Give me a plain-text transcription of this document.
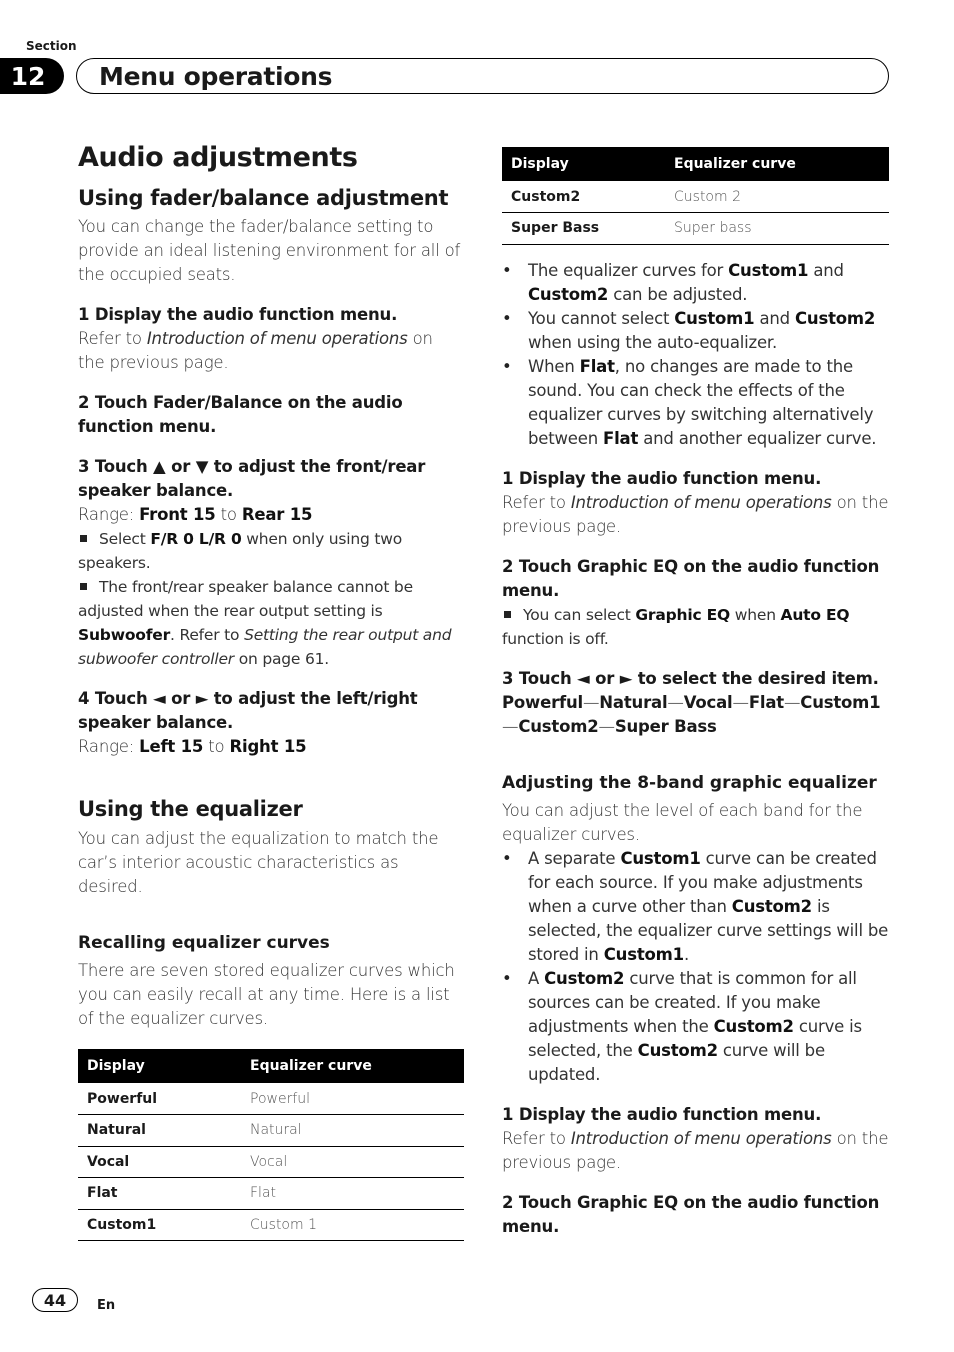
Section
12	Menu operations
Audio adjustments
Using fader/balance adjustment

You can change the fader/balance setting to provide an ideal listening environment for all of the occupied seats.

1 Display the audio function menu.

Refer to Introduction of menu operations on the previous page.

2 Touch Fader/Balance on the audio function menu.

3 Touch ▲ or ▼ to adjust the front/rear speaker balance.

Range: Front 15 to Rear 15

Select F/R 0 L/R 0 when only using two speakers.

The front/rear speaker balance cannot be adjusted when the rear output setting is Subwoofer. Refer to Setting the rear output and subwoofer controller on page 61.

4 Touch ◄ or ► to adjust the left/right speaker balance.

Range: Left 15 to Right 15

Using the equalizer

You can adjust the equalization to match the car’s interior acoustic characteristics as desired.

Recalling equalizer curves

There are seven stored equalizer curves which you can easily recall at any time. Here is a list of the equalizer curves.

Display	Equalizer curve
Powerful	Powerful
Natural	Natural
Vocal	Vocal
Flat	Flat
Custom1	Custom 1
Display	Equalizer curve
Custom2	Custom 2
Super Bass	Super bass
• The equalizer curves for Custom1 and Custom2 can be adjusted.
• You cannot select Custom1 and Custom2 when using the auto-equalizer.
• When Flat, no changes are made to the sound. You can check the effects of the equalizer curves by switching alternatively between Flat and another equalizer curve.

1 Display the audio function menu.

Refer to Introduction of menu operations on the previous page.

2 Touch Graphic EQ on the audio function menu.

You can select Graphic EQ when Auto EQ function is off.

3 Touch ◄ or ► to select the desired item.

Powerful—Natural—Vocal—Flat—Custom1 —Custom2—Super Bass

Adjusting the 8-band graphic equalizer

You can adjust the level of each band for the equalizer curves.

• A separate Custom1 curve can be created for each source. If you make adjustments when a curve other than Custom2 is selected, the equalizer curve settings will be stored in Custom1.
• A Custom2 curve that is common for all sources can be created. If you make adjustments when the Custom2 curve is selected, the Custom2 curve will be updated.

1 Display the audio function menu.

Refer to Introduction of menu operations on the previous page.

2 Touch Graphic EQ on the audio function menu.

44	En
